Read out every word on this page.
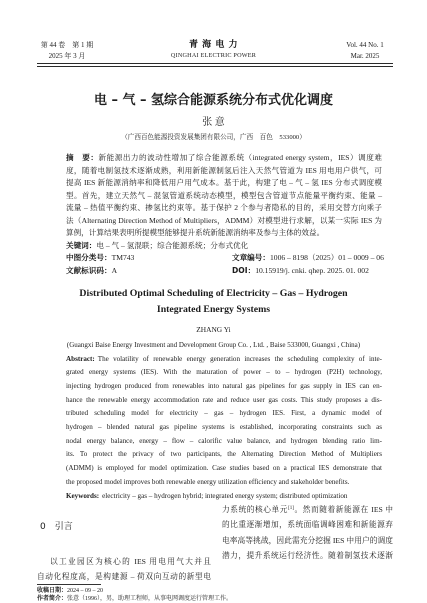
第 44 卷　第 1 期
2025 年 3 月
青 海 电 力
QINGHAI ELECTRIC POWER
Vol. 44 No. 1
Mar. 2025
电 – 气 – 氢综合能源系统分布式优化调度
张 意
（广西百色能源投资发展集团有限公司，广西　百色　533000）
摘　要：新能源出力的波动性增加了综合能源系统（integrated energy system，IES）调度难
度，随着电制氢技术逐渐成熟，利用新能源制氢后注入天然气管道为 IES 用电用户供气，可
提高 IES 新能源消纳率和降低用户用气成本。基于此，构建了电 – 气 – 氢 IES 分布式调度模
型。首先，建立天然气 – 混氢管道系统动态模型，模型包含管道节点能量平衡约束、能量 –
流量 – 热值平衡约束、掺氢比约束等。基于保护 2 个参与者隐私的目的，采用交替方向乘子
法（Alternating Direction Method of Multipliers，ADMM）对模型进行求解，以某一实际 IES 为
算例，计算结果表明所提模型能够提升系统新能源消纳率及参与主体的效益。
关键词：电 – 气 – 氢混联；综合能源系统；分布式优化
中图分类号：TM743	文章编号：1006 – 8198（2025）01 – 0009 – 06
文献标识码：A	DOI：10.15919/j. cnki. qhep. 2025. 01. 002
Distributed Optimal Scheduling of Electricity – Gas – Hydrogen
Integrated Energy Systems
ZHANG Yi
(Guangxi Baise Energy Investment and Development Group Co. , Ltd. , Baise 533000, Guangxi , China)
Abstract: The volatility of renewable energy generation increases the scheduling complexity of inte-
grated energy systems (IES). With the maturation of power – to – hydrogen (P2H) technology,
injecting hydrogen produced from renewables into natural gas pipelines for gas supply in IES can en-
hance the renewable energy accommodation rate and reduce user gas costs. This study proposes a dis-
tributed scheduling model for electricity – gas – hydrogen IES. First, a dynamic model of
hydrogen – blended natural gas pipeline systems is established, incorporating constraints such as
nodal energy balance, energy – flow – calorific value balance, and hydrogen blending ratio lim-
its. To protect the privacy of two participants, the Alternating Direction Method of Multipliers
(ADMM) is employed for model optimization. Case studies based on a practical IES demonstrate that
the proposed model improves both renewable energy utilization efficiency and stakeholder benefits.
Keywords: electricity – gas – hydrogen hybrid; integrated energy system; distributed optimization
0 引言
以工业园区为核心的 IES 用电用气大并且
自动化程度高，是构建源 – 荷双向互动的新型电
力系统的核心单元[1]。然而随着新能源在 IES 中
的比重逐渐增加，系统面临调峰困难和新能源弃
电率高等挑战，因此需充分挖掘 IES 中用户的调度
潜力，提升系统运行经济性。随着制氢技术逐渐
收稿日期：2024 – 09 – 20
作者简介：张意（1996），男，助理工程师，从事电网调度运行管理工作。
